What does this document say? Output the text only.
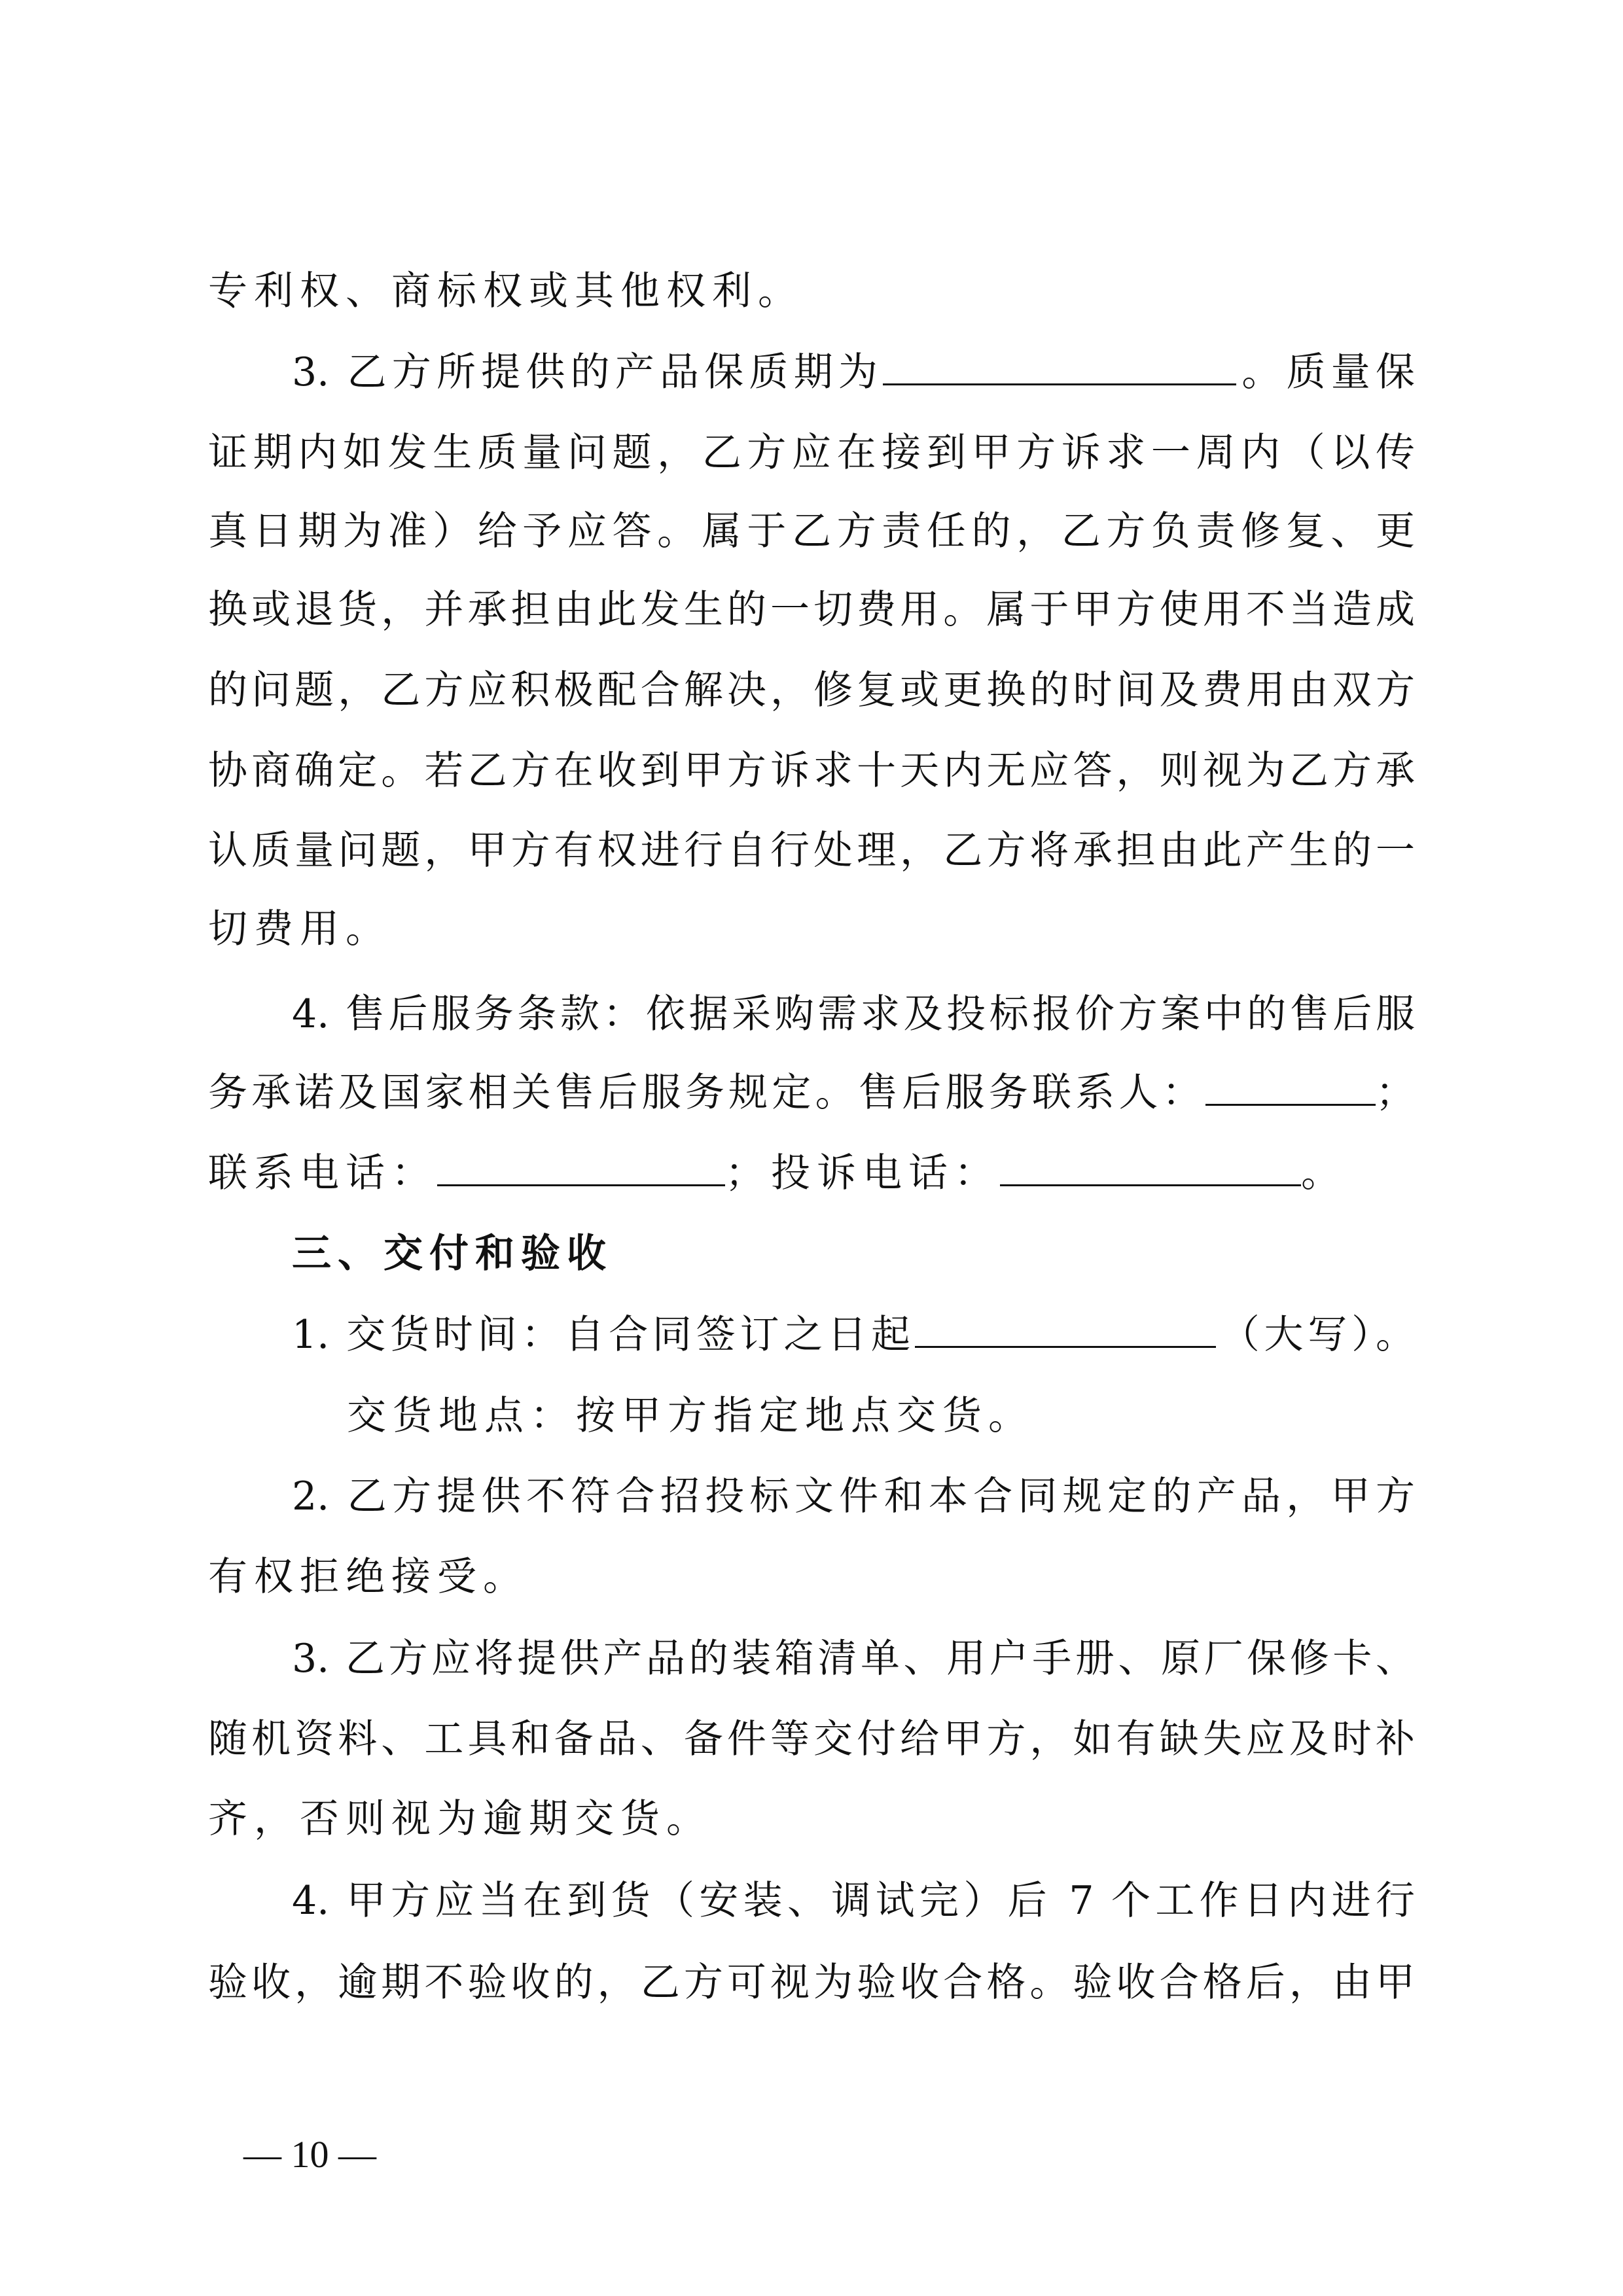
专利权、商标权或其他权利。
3. 乙方所提供的产品保质期为	。质量保
证期内如发生质量问题，乙方应在接到甲方诉求一周内（以传
真日期为准）给予应答。属于乙方责任的，乙方负责修复、更
换或退货，并承担由此发生的一切费用。属于甲方使用不当造成
的问题，乙方应积极配合解决，修复或更换的时间及费用由双方
协商确定。若乙方在收到甲方诉求十天内无应答，则视为乙方承
认质量问题，甲方有权进行自行处理，乙方将承担由此产生的一
切费用。
4. 售后服务条款：依据采购需求及投标报价方案中的售后服
务承诺及国家相关售后服务规定。售后服务联系人：	；
联系电话：	；投诉电话：	。
三、交付和验收
1. 交货时间：自合同签订之日起	（大写）。
交货地点：按甲方指定地点交货。
2. 乙方提供不符合招投标文件和本合同规定的产品，甲方
有权拒绝接受。
3. 乙方应将提供产品的装箱清单、用户手册、原厂保修卡、
随机资料、工具和备品、备件等交付给甲方，如有缺失应及时补
齐，否则视为逾期交货。
4. 甲方应当在到货（安装、调试完）后 7 个工作日内进行
验收，逾期不验收的，乙方可视为验收合格。验收合格后，由甲
— 10 —
